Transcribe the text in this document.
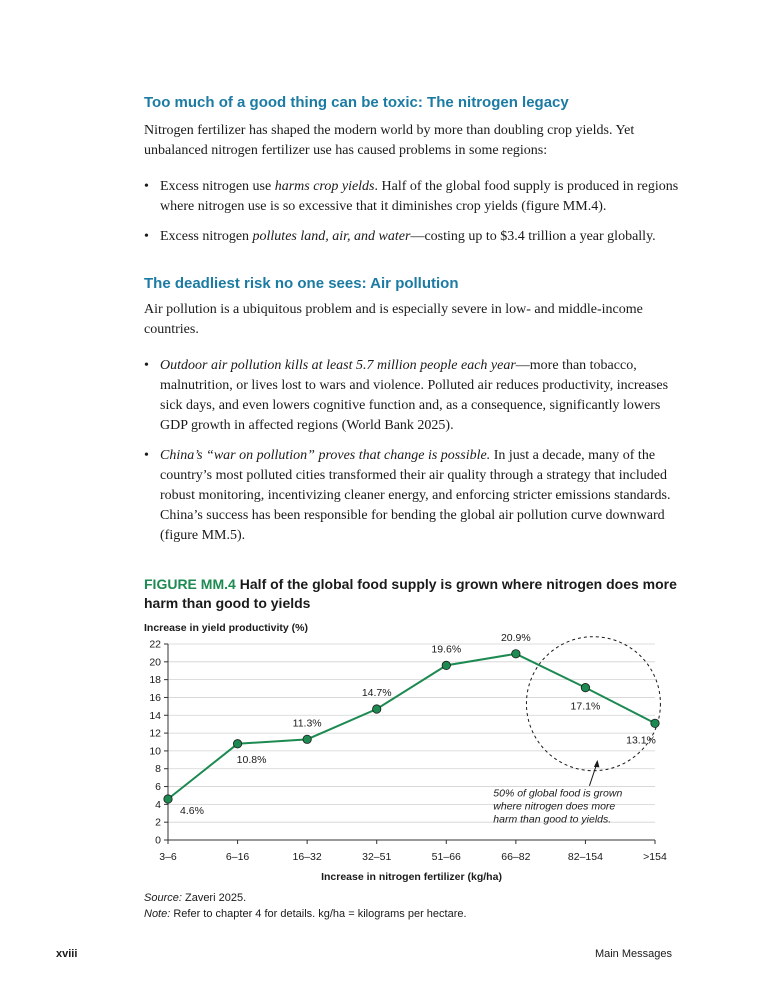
Too much of a good thing can be toxic: The nitrogen legacy

Nitrogen fertilizer has shaped the modern world by more than doubling crop yields. Yet unbalanced nitrogen fertilizer use has caused problems in some regions:

• Excess nitrogen use harms crop yields. Half of the global food supply is produced in regions where nitrogen use is so excessive that it diminishes crop yields (figure MM.4).
• Excess nitrogen pollutes land, air, and water—costing up to $3.4 trillion a year globally.
The deadliest risk no one sees: Air pollution

Air pollution is a ubiquitous problem and is especially severe in low- and middle-income countries.

• Outdoor air pollution kills at least 5.7 million people each year—more than tobacco, malnutrition, or lives lost to wars and violence. Polluted air reduces productivity, increases sick days, and even lowers cognitive function and, as a consequence, significantly lowers GDP growth in affected regions (World Bank 2025).
• China’s “war on pollution” proves that change is possible. In just a decade, many of the country’s most polluted cities transformed their air quality through a strategy that included robust monitoring, incentivizing cleaner energy, and enforcing stricter emissions standards. China’s success has been responsible for bending the global air pollution curve downward (figure MM.5).

FIGURE MM.4 Half of the global food supply is grown where nitrogen does more harm than good to yields

Increase in yield productivity (%)
0
2
4
6
8
10
12
14
16
18
20
22
3–6	6–16	16–32	32–51	51–66	66–82	82–154	>154
Increase in nitrogen fertilizer (kg/ha)
50% of global food is grown
where nitrogen does more
harm than good to yields.
4.6%
10.8%
11.3%
14.7%
19.6%
20.9%
17.1%
13.1%

Source: Zaveri 2025.
Note: Refer to chapter 4 for details. kg/ha = kilograms per hectare.

xviii	Main Messages
